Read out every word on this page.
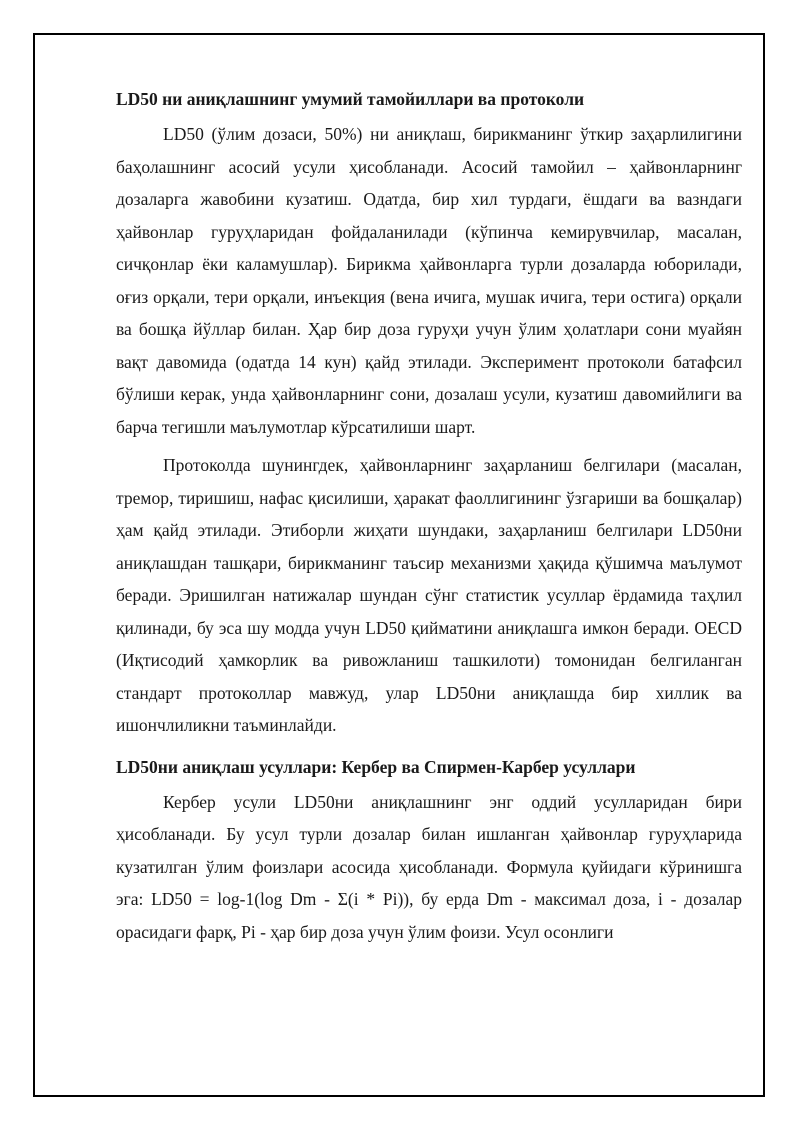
LD50 ни аниқлашнинг умумий тамойиллари ва протоколи

LD50 (ўлим дозаси, 50%) ни аниқлаш, бирикманинг ўткир заҳарлилигини баҳолашнинг асосий усули ҳисобланади. Асосий тамойил – ҳайвонларнинг дозаларга жавобини кузатиш. Одатда, бир хил турдаги, ёшдаги ва вазндаги ҳайвонлар гуруҳларидан фойдаланилади (кўпинча кемирувчилар, масалан, сичқонлар ёки каламушлар). Бирикма ҳайвонларга турли дозаларда юборилади, оғиз орқали, тери орқали, инъекция (вена ичига, мушак ичига, тери остига) орқали ва бошқа йўллар билан. Ҳар бир доза гуруҳи учун ўлим ҳолатлари сони муайян вақт давомида (одатда 14 кун) қайд этилади. Эксперимент протоколи батафсил бўлиши керак, унда ҳайвонларнинг сони, дозалаш усули, кузатиш давомийлиги ва барча тегишли маълумотлар кўрсатилиши шарт.

Протоколда шунингдек, ҳайвонларнинг заҳарланиш белгилари (масалан, тремор, тиришиш, нафас қисилиши, ҳаракат фаоллигининг ўзгариши ва бошқалар) ҳам қайд этилади. Этиборли жиҳати шундаки, заҳарланиш белгилари LD50ни аниқлашдан ташқари, бирикманинг таъсир механизми ҳақида қўшимча маълумот беради. Эришилган натижалар шундан сўнг статистик усуллар ёрдамида таҳлил қилинади, бу эса шу модда учун LD50 қийматини аниқлашга имкон беради. OECD (Иқтисодий ҳамкорлик ва ривожланиш ташкилоти) томонидан белгиланган стандарт протоколлар мавжуд, улар LD50ни аниқлашда бир хиллик ва ишончлиликни таъминлайди.

LD50ни аниқлаш усуллари: Кербер ва Спирмен-Карбер усуллари

Кербер усули LD50ни аниқлашнинг энг оддий усулларидан бири ҳисобланади. Бу усул турли дозалар билан ишланган ҳайвонлар гуруҳларида кузатилган ўлим фоизлари асосида ҳисобланади. Формула қуйидаги кўринишга эга: LD50 = log-1(log Dm - Σ(i * Pi)), бу ерда Dm - максимал доза, i - дозалар орасидаги фарқ, Pi - ҳар бир доза учун ўлим фоизи. Усул осонлиги
